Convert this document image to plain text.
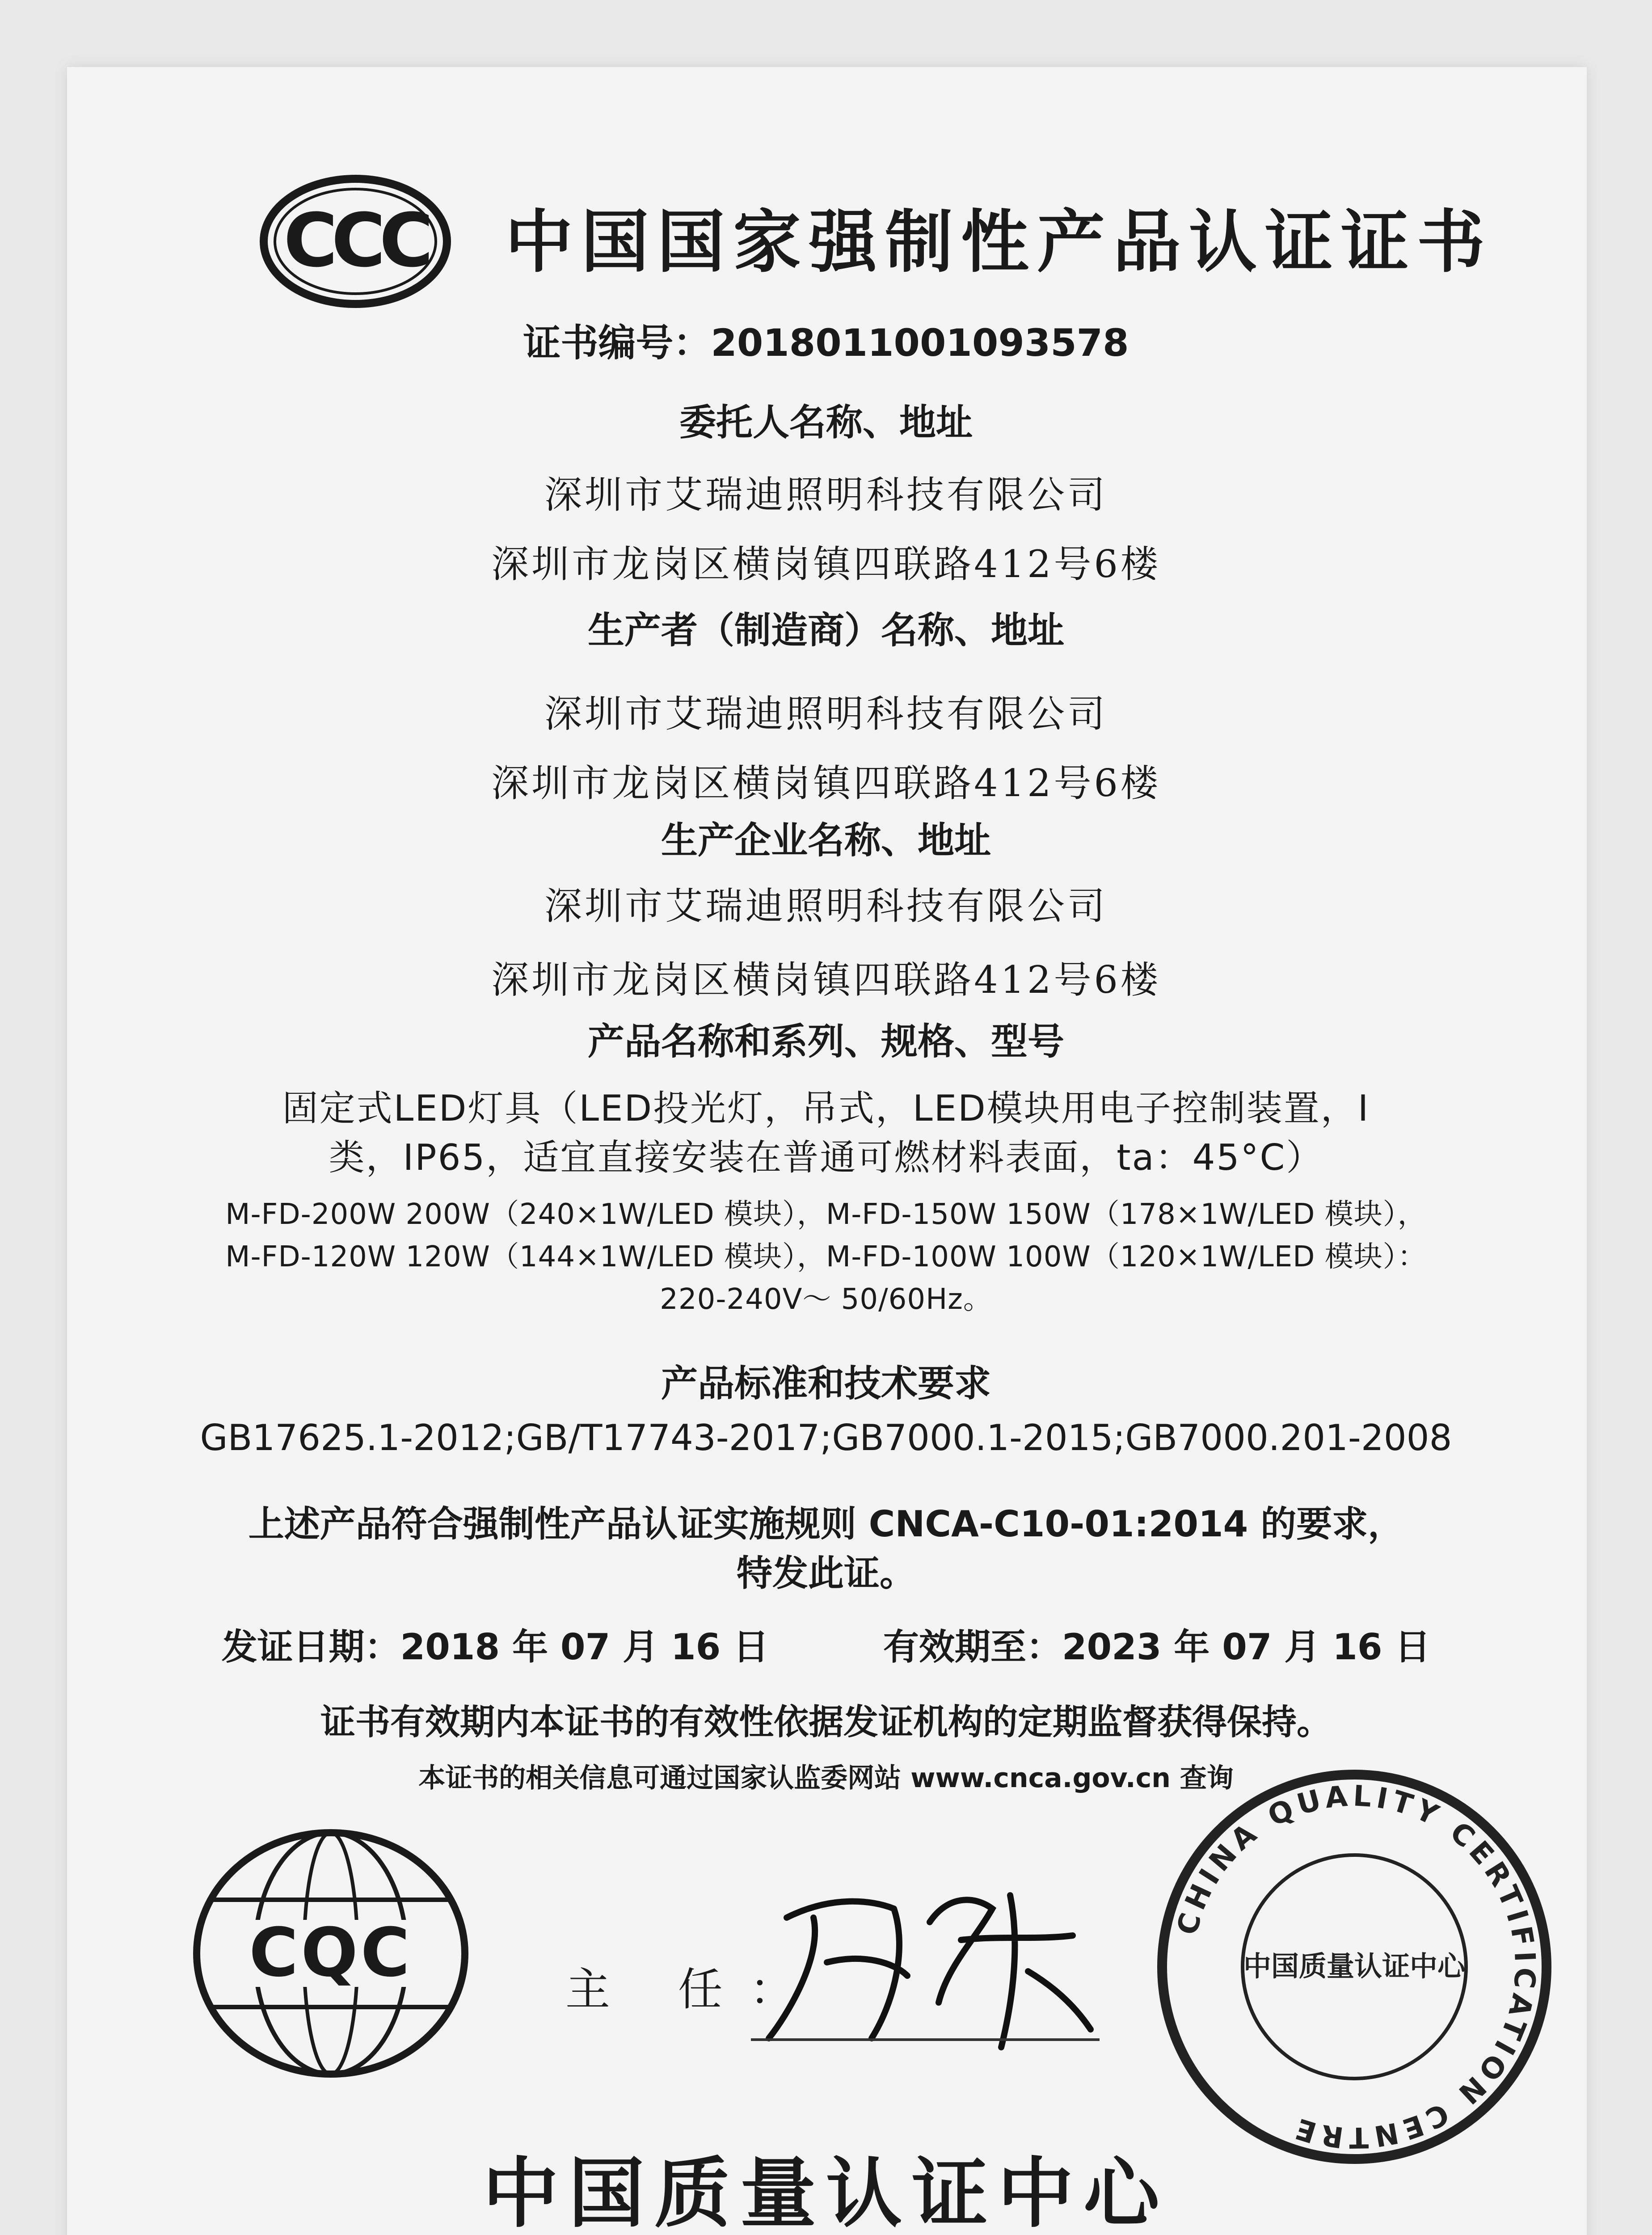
CCC 中国国家强制性产品认证证书
证书编号：2018011001093578
委托人名称、地址
深圳市艾瑞迪照明科技有限公司
深圳市龙岗区横岗镇四联路412号6楼
生产者（制造商）名称、地址
深圳市艾瑞迪照明科技有限公司
深圳市龙岗区横岗镇四联路412号6楼
生产企业名称、地址
深圳市艾瑞迪照明科技有限公司
深圳市龙岗区横岗镇四联路412号6楼
产品名称和系列、规格、型号
固定式LED灯具（LED投光灯，吊式，LED模块用电子控制装置，I
类，IP65，适宜直接安装在普通可燃材料表面，ta：45°C）
M-FD-200W 200W（240×1W/LED 模块），M-FD-150W 150W（178×1W/LED 模块），
M-FD-120W 120W（144×1W/LED 模块），M-FD-100W 100W（120×1W/LED 模块）：
220-240V～ 50/60Hz。
产品标准和技术要求
GB17625.1-2012;GB/T17743-2017;GB7000.1-2015;GB7000.201-2008
上述产品符合强制性产品认证实施规则 CNCA-C10-01:2014 的要求，
特发此证。
发证日期：2018 年 07 月 16 日	有效期至：2023 年 07 月 16 日
证书有效期内本证书的有效性依据发证机构的定期监督获得保持。
本证书的相关信息可通过国家认监委网站 www.cnca.gov.cn 查询
CQC	主 任：
CHINA QUALITY CERTIFICATION CENTRE
中国质量认证中心
中国质量认证中心
